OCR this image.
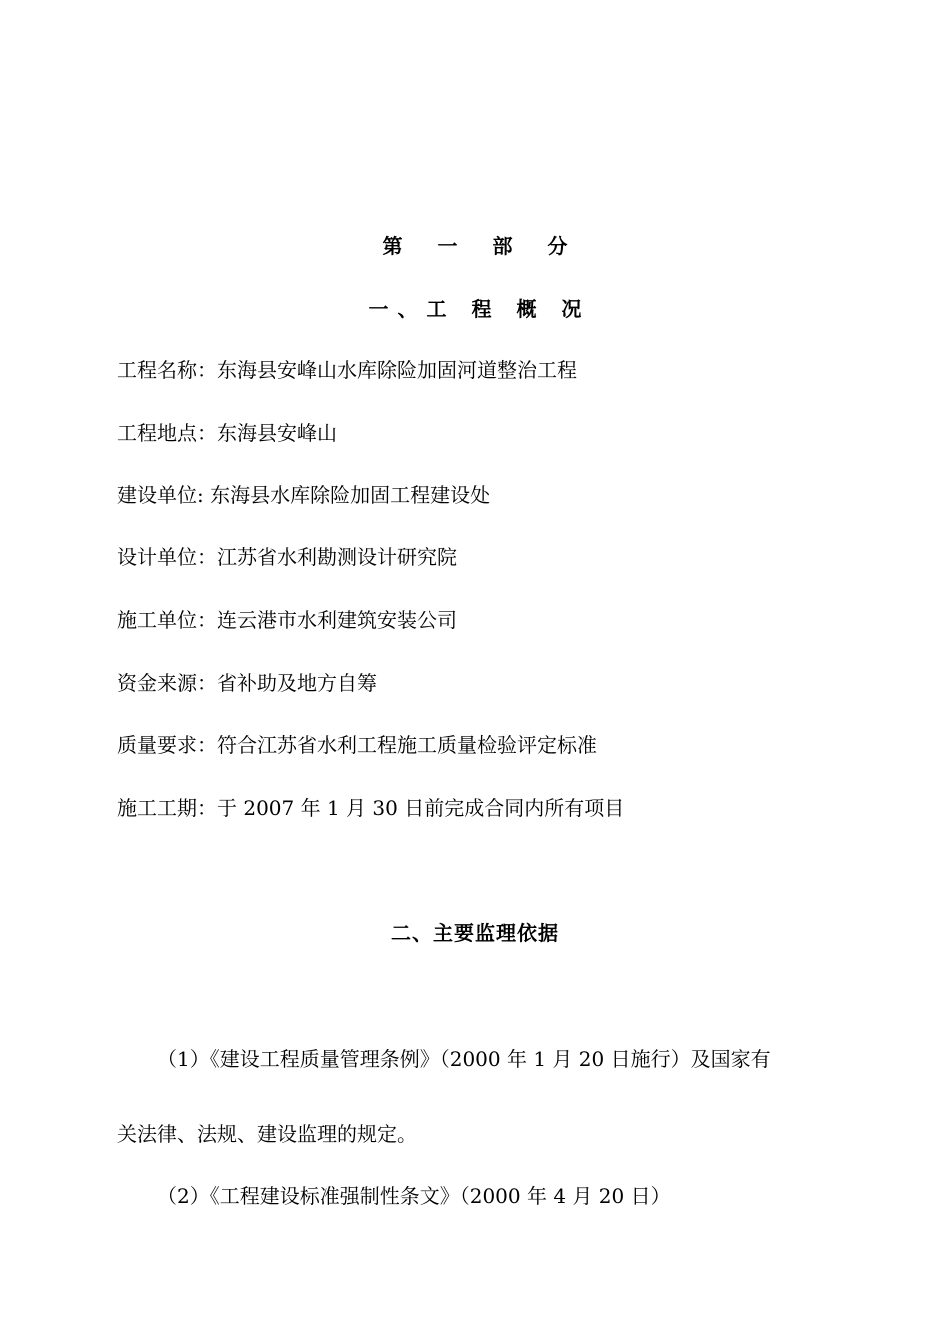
第 一 部 分
一、工 程 概 况
工程名称：东海县安峰山水库除险加固河道整治工程
工程地点：东海县安峰山
建设单位: 东海县水库除险加固工程建设处
设计单位：江苏省水利勘测设计研究院
施工单位：连云港市水利建筑安装公司
资金来源：省补助及地方自筹
质量要求：符合江苏省水利工程施工质量检验评定标准
施工工期：于 2007 年 1 月 30 日前完成合同内所有项目
二、主要监理依据
（1）《建设工程质量管理条例》（2000 年 1 月 20 日施行）及国家有
关法律、法规、建设监理的规定。
（2）《工程建设标准强制性条文》（2000 年 4 月 20 日）
